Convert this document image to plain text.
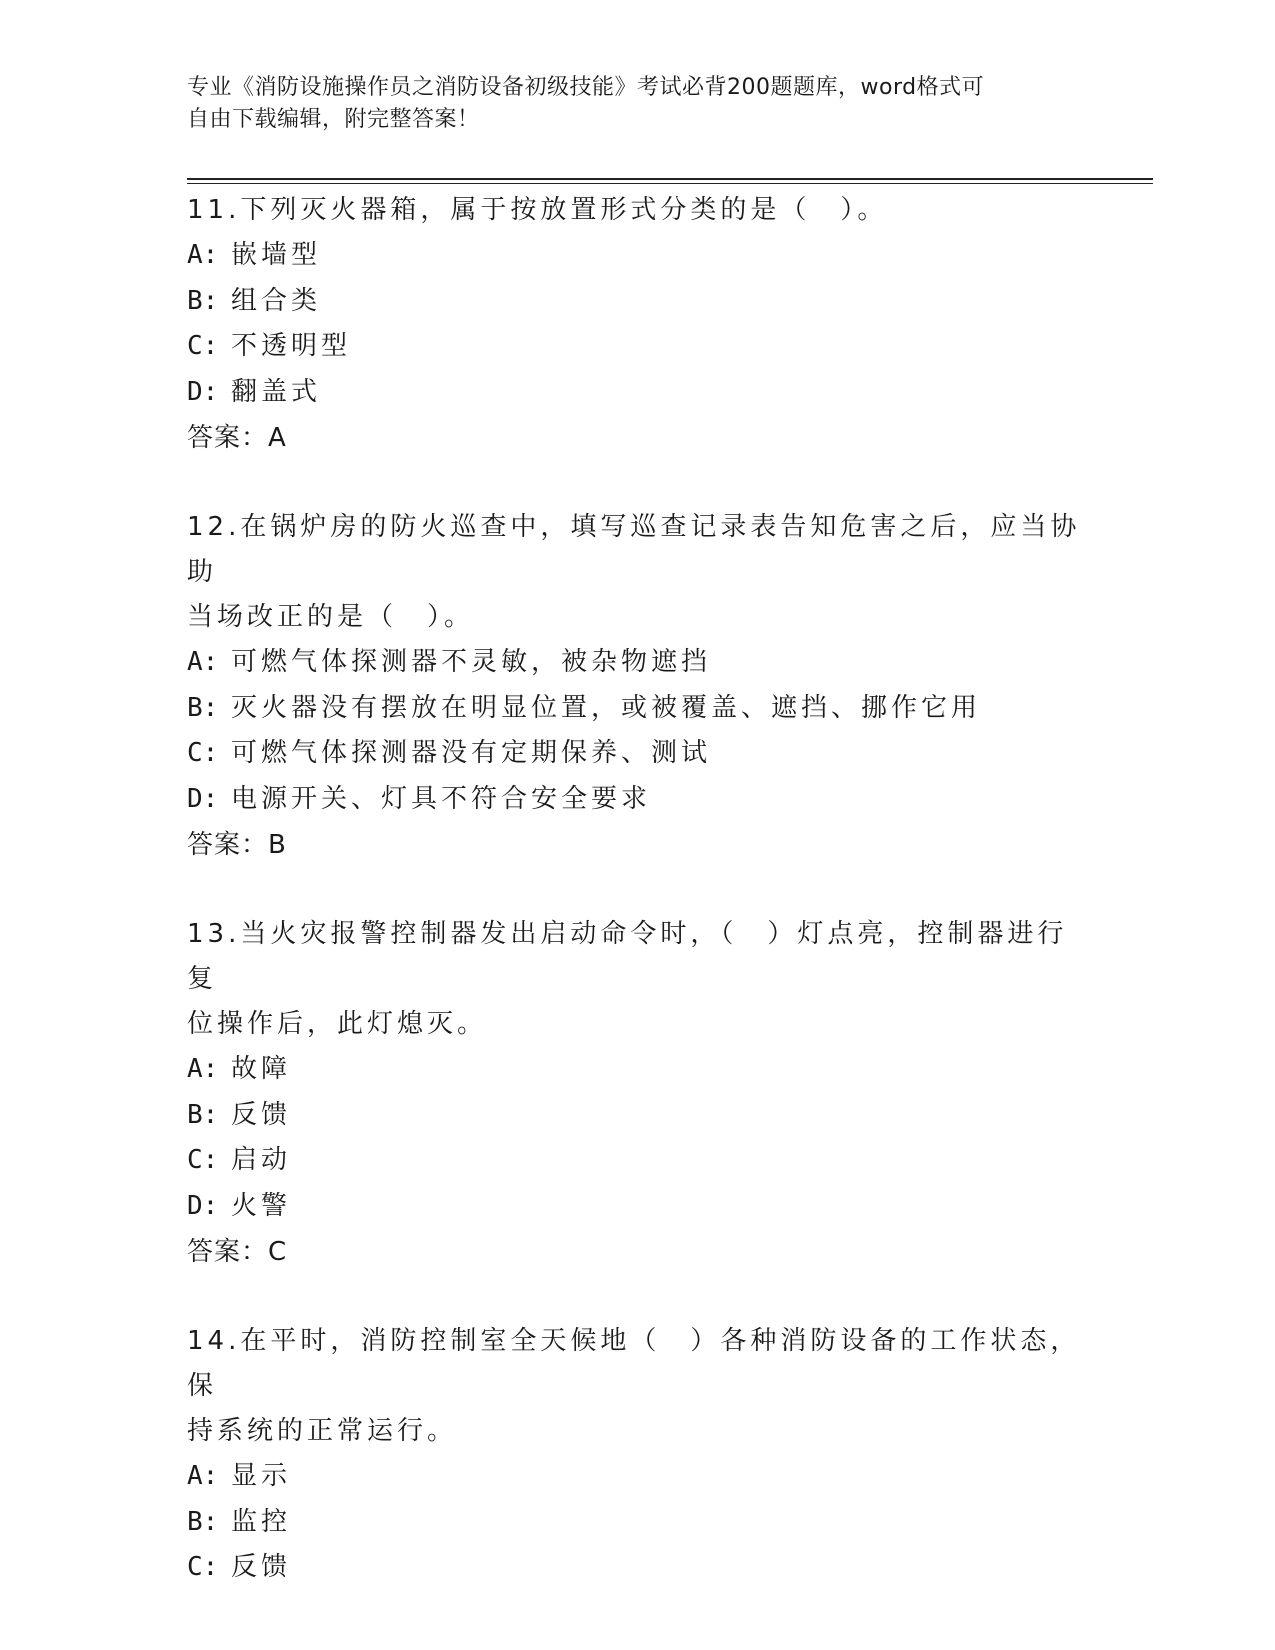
专业《消防设施操作员之消防设备初级技能》考试必背200题题库，word格式可
自由下载编辑，附完整答案！

11.下列灭火器箱，属于按放置形式分类的是（　）。

A: 嵌墙型
B: 组合类
C: 不透明型
D: 翻盖式
答案：A

12.在锅炉房的防火巡查中，填写巡查记录表告知危害之后，应当协助

当场改正的是（　）。

A: 可燃气体探测器不灵敏，被杂物遮挡
B: 灭火器没有摆放在明显位置，或被覆盖、遮挡、挪作它用
C: 可燃气体探测器没有定期保养、测试
D: 电源开关、灯具不符合安全要求
答案：B

13.当火灾报警控制器发出启动命令时，（　）灯点亮，控制器进行复

位操作后，此灯熄灭。

A: 故障
B: 反馈
C: 启动
D: 火警
答案：C

14.在平时，消防控制室全天候地（　）各种消防设备的工作状态，保

持系统的正常运行。

A: 显示
B: 监控
C: 反馈
